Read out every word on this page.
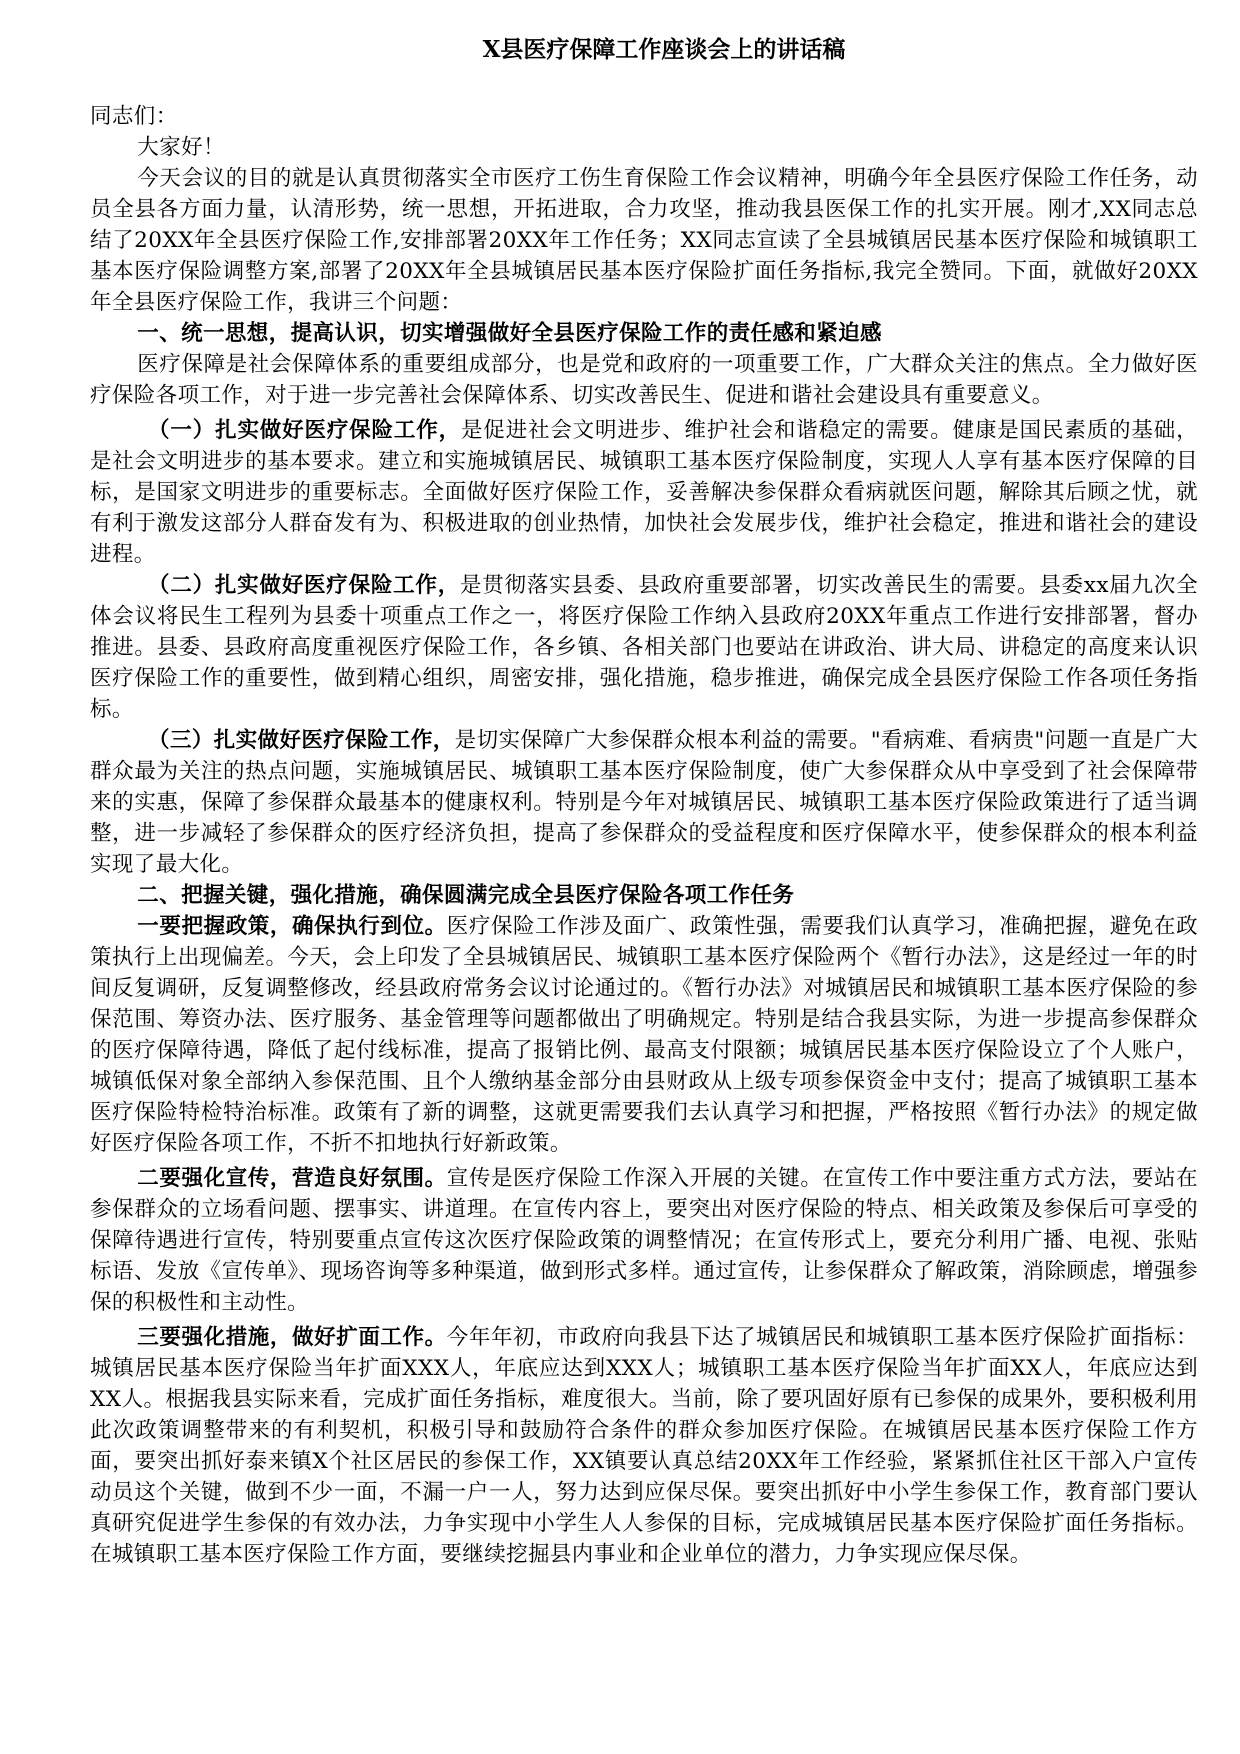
X县医疗保障工作座谈会上的讲话稿

同志们：

大家好！

今天会议的目的就是认真贯彻落实全市医疗工伤生育保险工作会议精神，明确今年全县医疗保险工作任务，动员全县各方面力量，认清形势，统一思想，开拓进取，合力攻坚，推动我县医保工作的扎实开展。刚才,XX同志总结了20XX年全县医疗保险工作,安排部署20XX年工作任务；XX同志宣读了全县城镇居民基本医疗保险和城镇职工基本医疗保险调整方案,部署了20XX年全县城镇居民基本医疗保险扩面任务指标,我完全赞同。下面，就做好20XX年全县医疗保险工作，我讲三个问题：

一、统一思想，提高认识，切实增强做好全县医疗保险工作的责任感和紧迫感

医疗保障是社会保障体系的重要组成部分，也是党和政府的一项重要工作，广大群众关注的焦点。全力做好医疗保险各项工作，对于进一步完善社会保障体系、切实改善民生、促进和谐社会建设具有重要意义。

（一）扎实做好医疗保险工作，是促进社会文明进步、维护社会和谐稳定的需要。健康是国民素质的基础，是社会文明进步的基本要求。建立和实施城镇居民、城镇职工基本医疗保险制度，实现人人享有基本医疗保障的目标，是国家文明进步的重要标志。全面做好医疗保险工作，妥善解决参保群众看病就医问题，解除其后顾之忧，就有利于激发这部分人群奋发有为、积极进取的创业热情，加快社会发展步伐，维护社会稳定，推进和谐社会的建设进程。

（二）扎实做好医疗保险工作，是贯彻落实县委、县政府重要部署，切实改善民生的需要。县委xx届九次全体会议将民生工程列为县委十项重点工作之一，将医疗保险工作纳入县政府20XX年重点工作进行安排部署，督办推进。县委、县政府高度重视医疗保险工作，各乡镇、各相关部门也要站在讲政治、讲大局、讲稳定的高度来认识医疗保险工作的重要性，做到精心组织，周密安排，强化措施，稳步推进，确保完成全县医疗保险工作各项任务指标。

（三）扎实做好医疗保险工作，是切实保障广大参保群众根本利益的需要。"看病难、看病贵"问题一直是广大群众最为关注的热点问题，实施城镇居民、城镇职工基本医疗保险制度，使广大参保群众从中享受到了社会保障带来的实惠，保障了参保群众最基本的健康权利。特别是今年对城镇居民、城镇职工基本医疗保险政策进行了适当调整，进一步减轻了参保群众的医疗经济负担，提高了参保群众的受益程度和医疗保障水平，使参保群众的根本利益实现了最大化。

二、把握关键，强化措施，确保圆满完成全县医疗保险各项工作任务

一要把握政策，确保执行到位。医疗保险工作涉及面广、政策性强，需要我们认真学习，准确把握，避免在政策执行上出现偏差。今天，会上印发了全县城镇居民、城镇职工基本医疗保险两个《暂行办法》，这是经过一年的时间反复调研，反复调整修改，经县政府常务会议讨论通过的。《暂行办法》对城镇居民和城镇职工基本医疗保险的参保范围、筹资办法、医疗服务、基金管理等问题都做出了明确规定。特别是结合我县实际，为进一步提高参保群众的医疗保障待遇，降低了起付线标准，提高了报销比例、最高支付限额；城镇居民基本医疗保险设立了个人账户，城镇低保对象全部纳入参保范围、且个人缴纳基金部分由县财政从上级专项参保资金中支付；提高了城镇职工基本医疗保险特检特治标准。政策有了新的调整，这就更需要我们去认真学习和把握，严格按照《暂行办法》的规定做好医疗保险各项工作，不折不扣地执行好新政策。

二要强化宣传，营造良好氛围。宣传是医疗保险工作深入开展的关键。在宣传工作中要注重方式方法，要站在参保群众的立场看问题、摆事实、讲道理。在宣传内容上，要突出对医疗保险的特点、相关政策及参保后可享受的保障待遇进行宣传，特别要重点宣传这次医疗保险政策的调整情况；在宣传形式上，要充分利用广播、电视、张贴标语、发放《宣传单》、现场咨询等多种渠道，做到形式多样。通过宣传，让参保群众了解政策，消除顾虑，增强参保的积极性和主动性。

三要强化措施，做好扩面工作。今年年初，市政府向我县下达了城镇居民和城镇职工基本医疗保险扩面指标：城镇居民基本医疗保险当年扩面XXX人，年底应达到XXX人；城镇职工基本医疗保险当年扩面XX人，年底应达到XX人。根据我县实际来看，完成扩面任务指标，难度很大。当前，除了要巩固好原有已参保的成果外，要积极利用此次政策调整带来的有利契机，积极引导和鼓励符合条件的群众参加医疗保险。在城镇居民基本医疗保险工作方面，要突出抓好泰来镇X个社区居民的参保工作，XX镇要认真总结20XX年工作经验，紧紧抓住社区干部入户宣传动员这个关键，做到不少一面，不漏一户一人，努力达到应保尽保。要突出抓好中小学生参保工作，教育部门要认真研究促进学生参保的有效办法，力争实现中小学生人人参保的目标，完成城镇居民基本医疗保险扩面任务指标。在城镇职工基本医疗保险工作方面，要继续挖掘县内事业和企业单位的潜力，力争实现应保尽保。
